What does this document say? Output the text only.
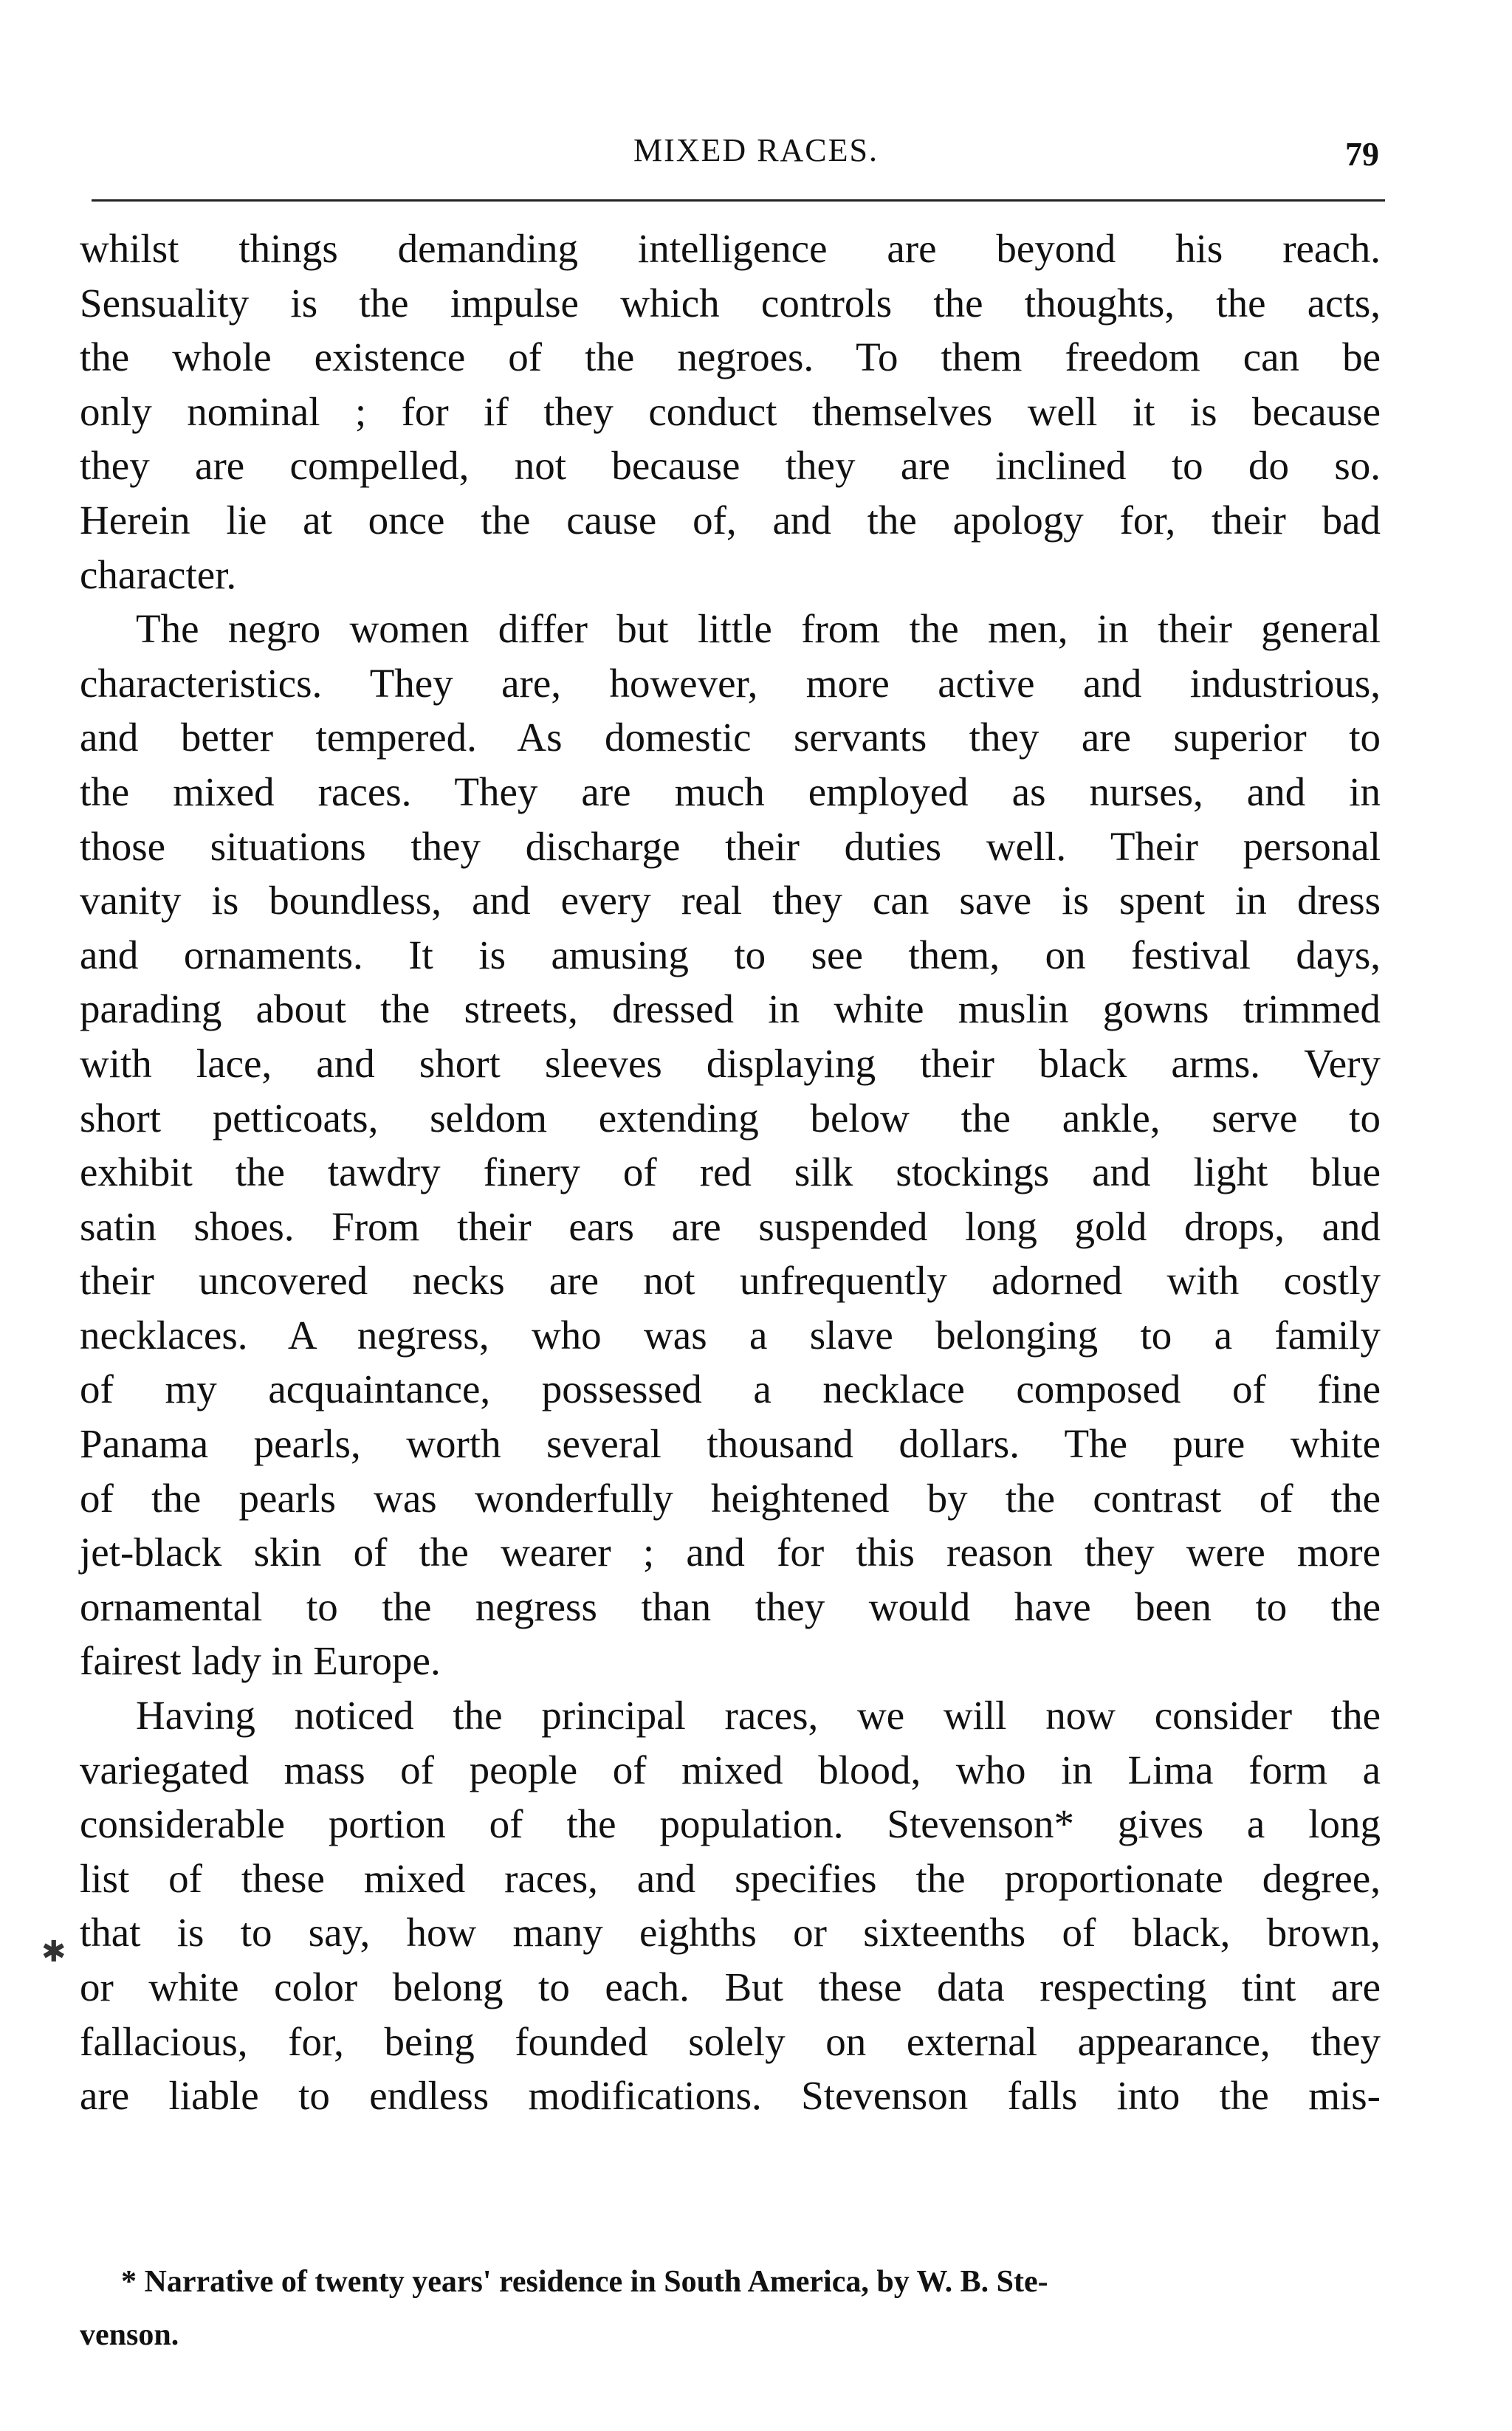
MIXED RACES.	79
whilst things demanding intelligence are beyond his reach.
Sensuality is the impulse which controls the thoughts, the acts,
the whole existence of the negroes. To them freedom can be
only nominal ; for if they conduct themselves well it is because
they are compelled, not because they are inclined to do so.
Herein lie at once the cause of, and the apology for, their bad
character.
The negro women differ but little from the men, in their general
characteristics. They are, however, more active and industrious,
and better tempered. As domestic servants they are superior to
the mixed races. They are much employed as nurses, and in
those situations they discharge their duties well. Their personal
vanity is boundless, and every real they can save is spent in dress
and ornaments. It is amusing to see them, on festival days,
parading about the streets, dressed in white muslin gowns trimmed
with lace, and short sleeves displaying their black arms. Very
short petticoats, seldom extending below the ankle, serve to
exhibit the tawdry finery of red silk stockings and light blue
satin shoes. From their ears are suspended long gold drops, and
their uncovered necks are not unfrequently adorned with costly
necklaces. A negress, who was a slave belonging to a family
of my acquaintance, possessed a necklace composed of fine
Panama pearls, worth several thousand dollars. The pure white
of the pearls was wonderfully heightened by the contrast of the
jet-black skin of the wearer ; and for this reason they were more
ornamental to the negress than they would have been to the
fairest lady in Europe.
Having noticed the principal races, we will now consider the
variegated mass of people of mixed blood, who in Lima form a
considerable portion of the population. Stevenson* gives a long
list of these mixed races, and specifies the proportionate degree,
that is to say, how many eighths or sixteenths of black, brown,
or white color belong to each. But these data respecting tint are
fallacious, for, being founded solely on external appearance, they
are liable to endless modifications. Stevenson falls into the mis-
✱
* Narrative of twenty years' residence in South America, by W. B. Ste-
venson.
